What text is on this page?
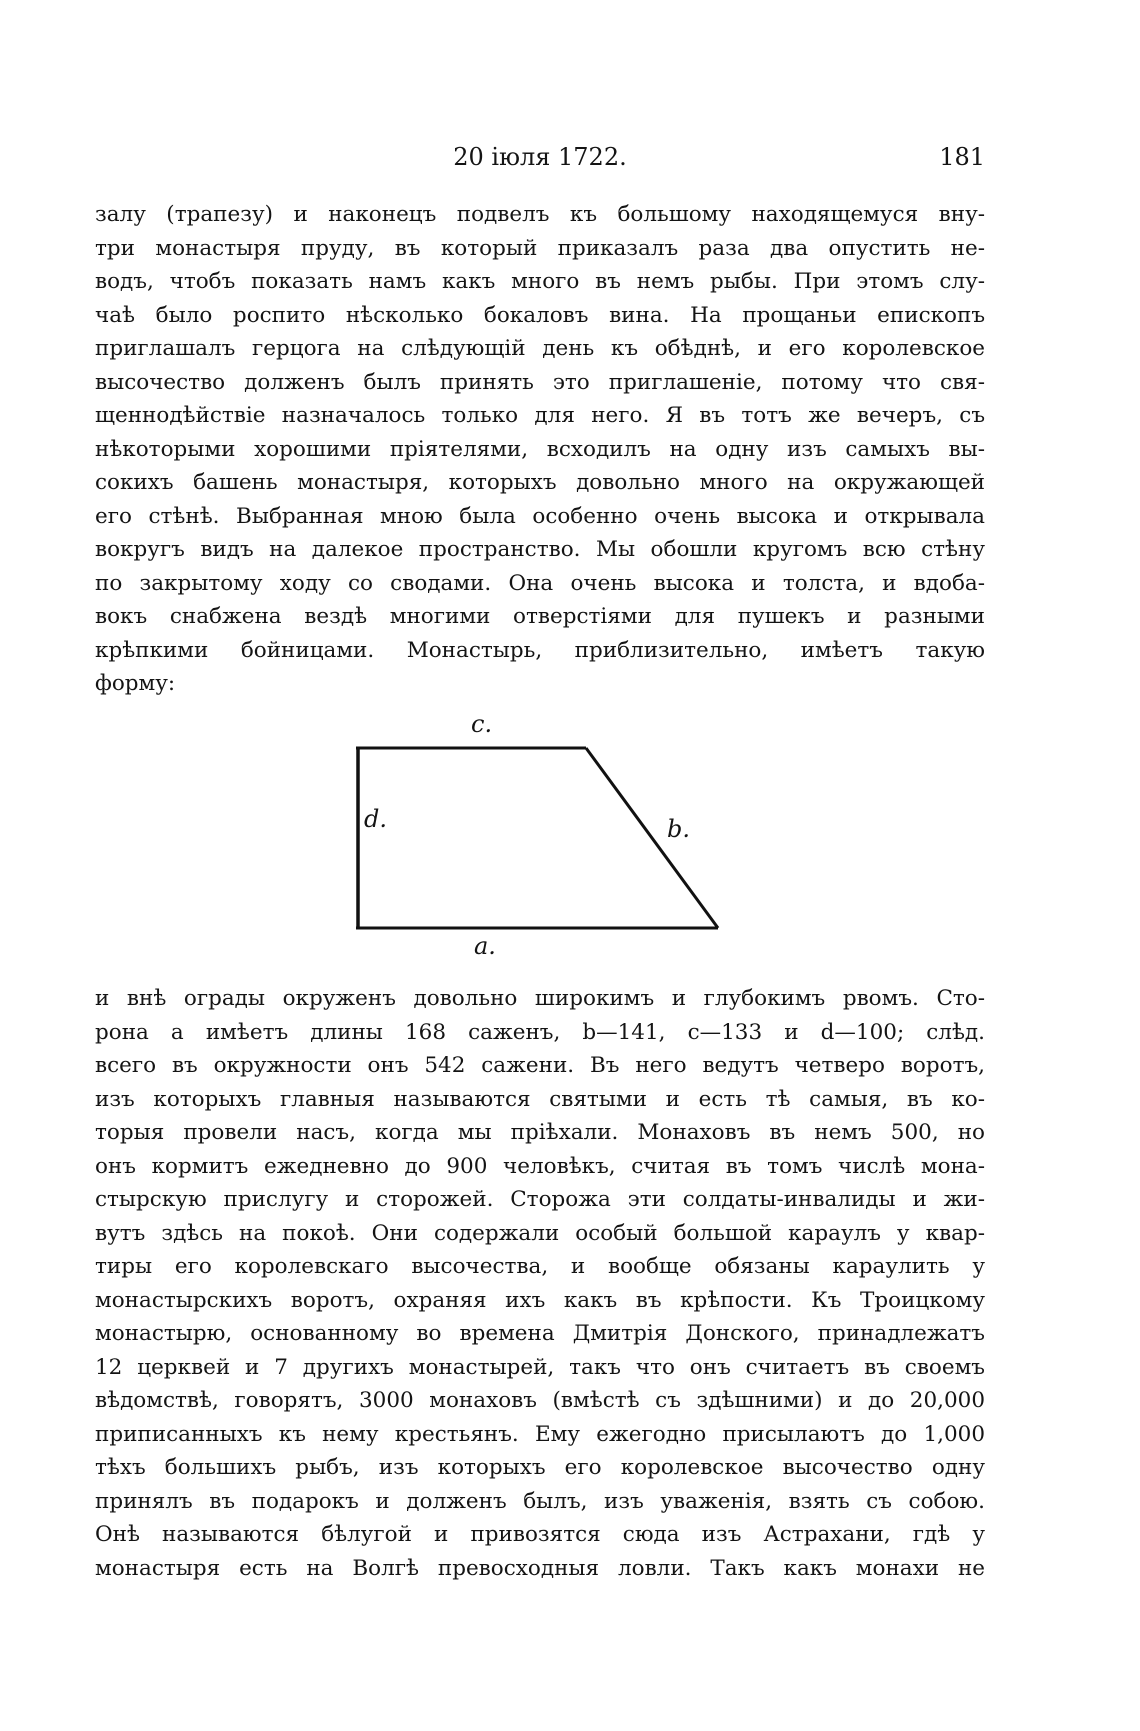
20 іюля 1722.	181
залу (трапезу) и наконецъ подвелъ къ большому находящемуся вну-
три монастыря пруду, въ который приказалъ раза два опустить не-
водъ, чтобъ показать намъ какъ много въ немъ рыбы. При этомъ слу-
чаѣ было роспито нѣсколько бокаловъ вина. На прощаньи епископъ
приглашалъ герцога на слѣдующій день къ обѣднѣ, и его королевское
высочество долженъ былъ принять это приглашеніе, потому что свя-
щеннодѣйствіе назначалось только для него. Я въ тотъ же вечеръ, съ
нѣкоторыми хорошими пріятелями, всходилъ на одну изъ самыхъ вы-
сокихъ башень монастыря, которыхъ довольно много на окружающей
его стѣнѣ. Выбранная мною была особенно очень высока и открывала
вокругъ видъ на далекое пространство. Мы обошли кругомъ всю стѣну
по закрытому ходу со сводами. Она очень высока и толста, и вдоба-
вокъ снабжена вездѣ многими отверстіями для пушекъ и разными
крѣпкими бойницами. Монастырь, приблизительно, имѣетъ такую
форму:
c.
d.	b.
a.
и внѣ ограды окруженъ довольно широкимъ и глубокимъ рвомъ. Сто-
рона a имѣетъ длины 168 саженъ, b—141, c—133 и d—100; слѣд.
всего въ окружности онъ 542 сажени. Въ него ведутъ четверо воротъ,
изъ которыхъ главныя называются святыми и есть тѣ самыя, въ ко-
торыя провели насъ, когда мы пріѣхали. Монаховъ въ немъ 500, но
онъ кормитъ ежедневно до 900 человѣкъ, считая въ томъ числѣ мона-
стырскую прислугу и сторожей. Сторожа эти солдаты-инвалиды и жи-
вутъ здѣсь на покоѣ. Они содержали особый большой караулъ у квар-
тиры его королевскаго высочества, и вообще обязаны караулить у
монастырскихъ воротъ, охраняя ихъ какъ въ крѣпости. Къ Троицкому
монастырю, основанному во времена Дмитрія Донского, принадлежатъ
12 церквей и 7 другихъ монастырей, такъ что онъ считаетъ въ своемъ
вѣдомствѣ, говорятъ, 3000 монаховъ (вмѣстѣ съ здѣшними) и до 20,000
приписанныхъ къ нему крестьянъ. Ему ежегодно присылаютъ до 1,000
тѣхъ большихъ рыбъ, изъ которыхъ его королевское высочество одну
принялъ въ подарокъ и долженъ былъ, изъ уваженія, взять съ собою.
Онѣ называются бѣлугой и привозятся сюда изъ Астрахани, гдѣ у
монастыря есть на Волгѣ превосходныя ловли. Такъ какъ монахи не
